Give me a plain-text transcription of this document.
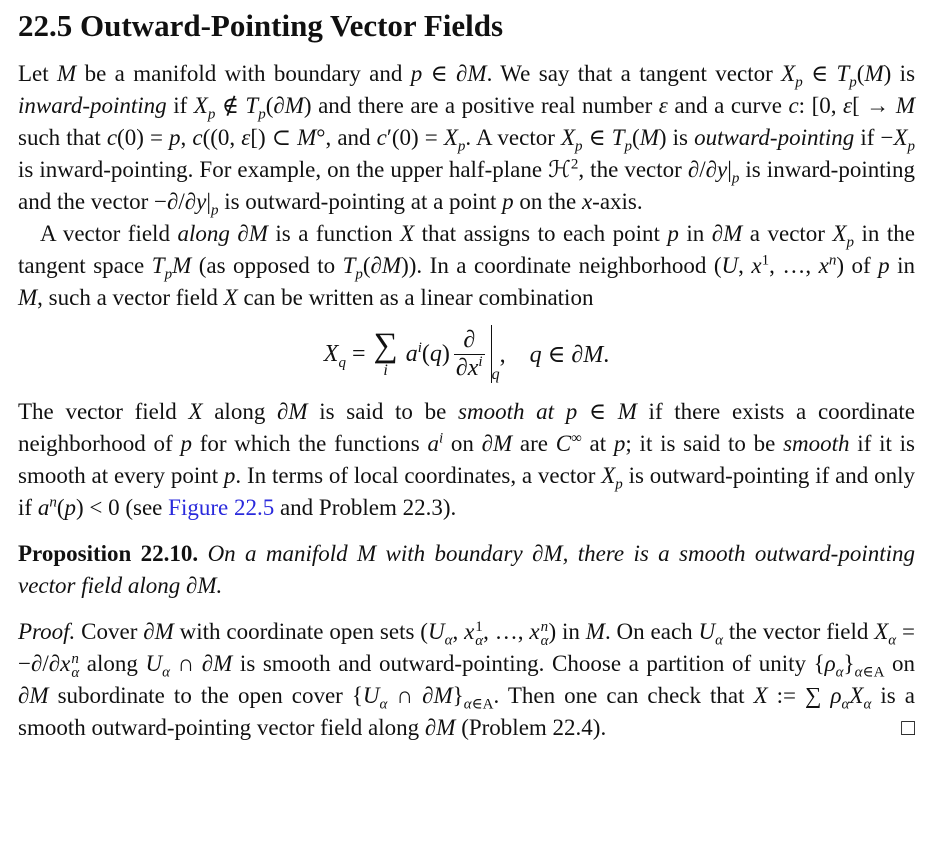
22.5 Outward-Pointing Vector Fields

Let M be a manifold with boundary and p ∈ ∂M. We say that a tangent vector $X_p$ ∈ $T_p(M)$ is inward-pointing if $X_p$ ∉ $T_p(\partial M)$ and there are a positive real number ε and a curve c: [0, ε[ → M such that c(0) = p, c((0, ε[) ⊂ M°, and $c'(0) = X_p$. A vector $X_p$ ∈ $T_p(M)$ is outward-pointing if $-X_p$ is inward-pointing. For example, on the upper half-plane ℋ$^2$, the vector $\partial/\partial y|_p$ is inward-pointing and the vector $-\partial/\partial y|_p$ is outward-pointing at a point p on the x-axis.

A vector field along ∂M is a function X that assigns to each point p in ∂M a vector $X_p$ in the tangent space $T_pM$ (as opposed to $T_p(\partial M)$). In a coordinate neighborhood (U, $x^1$, …, $x^n$) of p in M, such a vector field X can be written as a linear combination

$X_q$ = ∑
i
$a^i(q) \frac{\partial}{\partial x^i}$ q
,    q ∈ ∂M.

The vector field X along ∂M is said to be smooth at p ∈ M if there exists a coordinate neighborhood of p for which the functions $a^i$ on ∂M are C∞ at p; it is said to be smooth if it is smooth at every point p. In terms of local coordinates, a vector $X_p$ is outward-pointing if and only if $a^n(p) < 0$ (see Figure 22.5 and Problem 22.3).

Proposition 22.10. On a manifold M with boundary ∂M, there is a smooth outward-pointing vector field along ∂M.

Proof. Cover ∂M with coordinate open sets ($U_\alpha$, x 1
α , …, x n
α ) in M. On each $U_\alpha$ the vector field $X_\alpha = -\partial/\partial x$ n
α along $U_\alpha$ ∩ ∂M is smooth and outward-pointing. Choose a partition of unity $\{\rho_\alpha\}_{\alpha\in A}$ on ∂M subordinate to the open cover {$U_\alpha$ ∩ $\partial M\}_{\alpha\in A}$. Then one can check that X := ∑ $\rho_\alpha X_\alpha$ is a smooth outward-pointing vector field along ∂M (Problem 22.4).	□
